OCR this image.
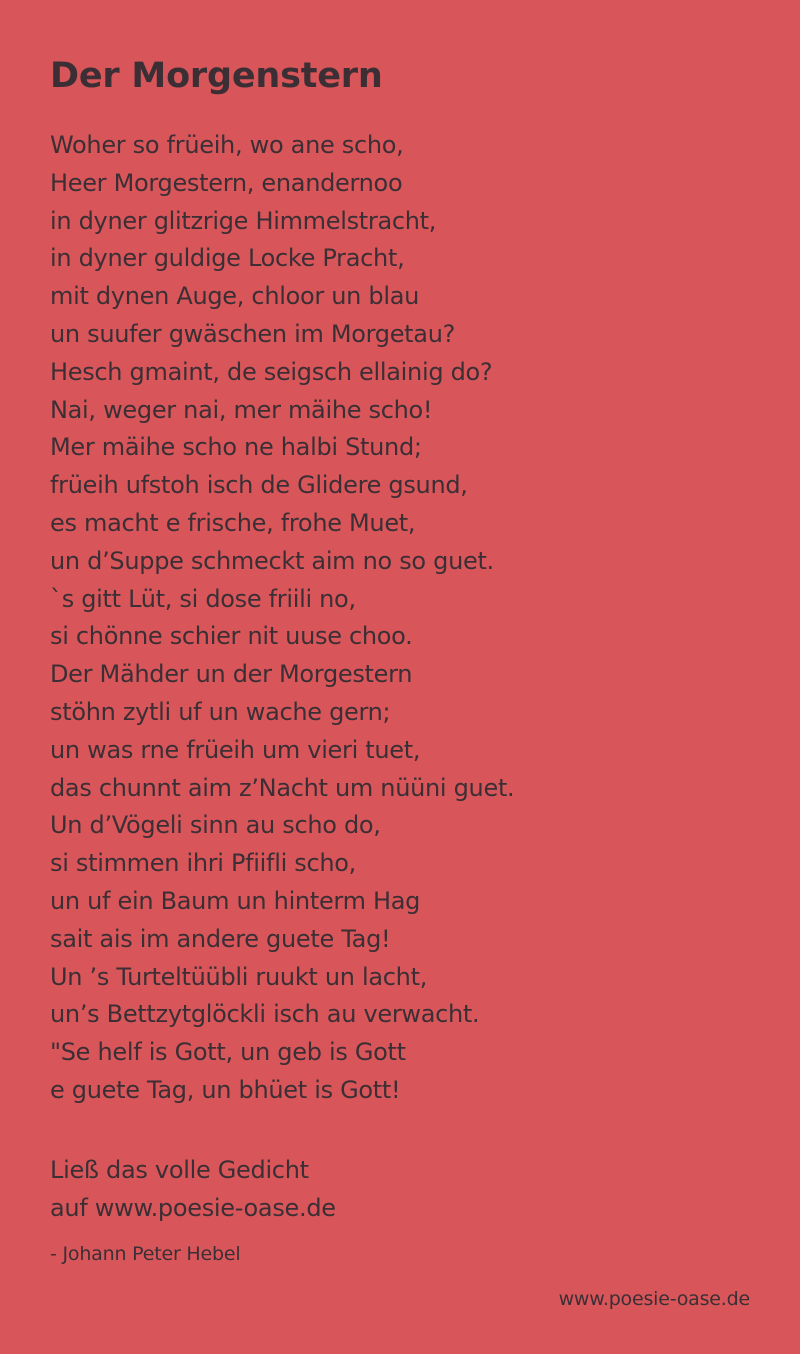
Der Morgenstern
Woher so früeih, wo ane scho,
Heer Morgestern, enandernoo
in dyner glitzrige Himmelstracht,
in dyner guldige Locke Pracht,
mit dynen Auge, chloor un blau
un suufer gwäschen im Morgetau?
Hesch gmaint, de seigsch ellainig do?
Nai, weger nai, mer mäihe scho!
Mer mäihe scho ne halbi Stund;
früeih ufstoh isch de Glidere gsund,
es macht e frische, frohe Muet,
un d’Suppe schmeckt aim no so guet.
`s gitt Lüt, si dose friili no,
si chönne schier nit uuse choo.
Der Mähder un der Morgestern
stöhn zytli uf un wache gern;
un was rne früeih um vieri tuet,
das chunnt aim z’Nacht um nüüni guet.
Un d’Vögeli sinn au scho do,
si stimmen ihri Pfiifli scho,
un uf ein Baum un hinterm Hag
sait ais im andere guete Tag!
Un ’s Turteltüübli ruukt un lacht,
un’s Bettzytglöckli isch au verwacht.
"Se helf is Gott, un geb is Gott
e guete Tag, un bhüet is Gott!
Ließ das volle Gedicht
auf www.poesie-oase.de
- Johann Peter Hebel
www.poesie-oase.de
